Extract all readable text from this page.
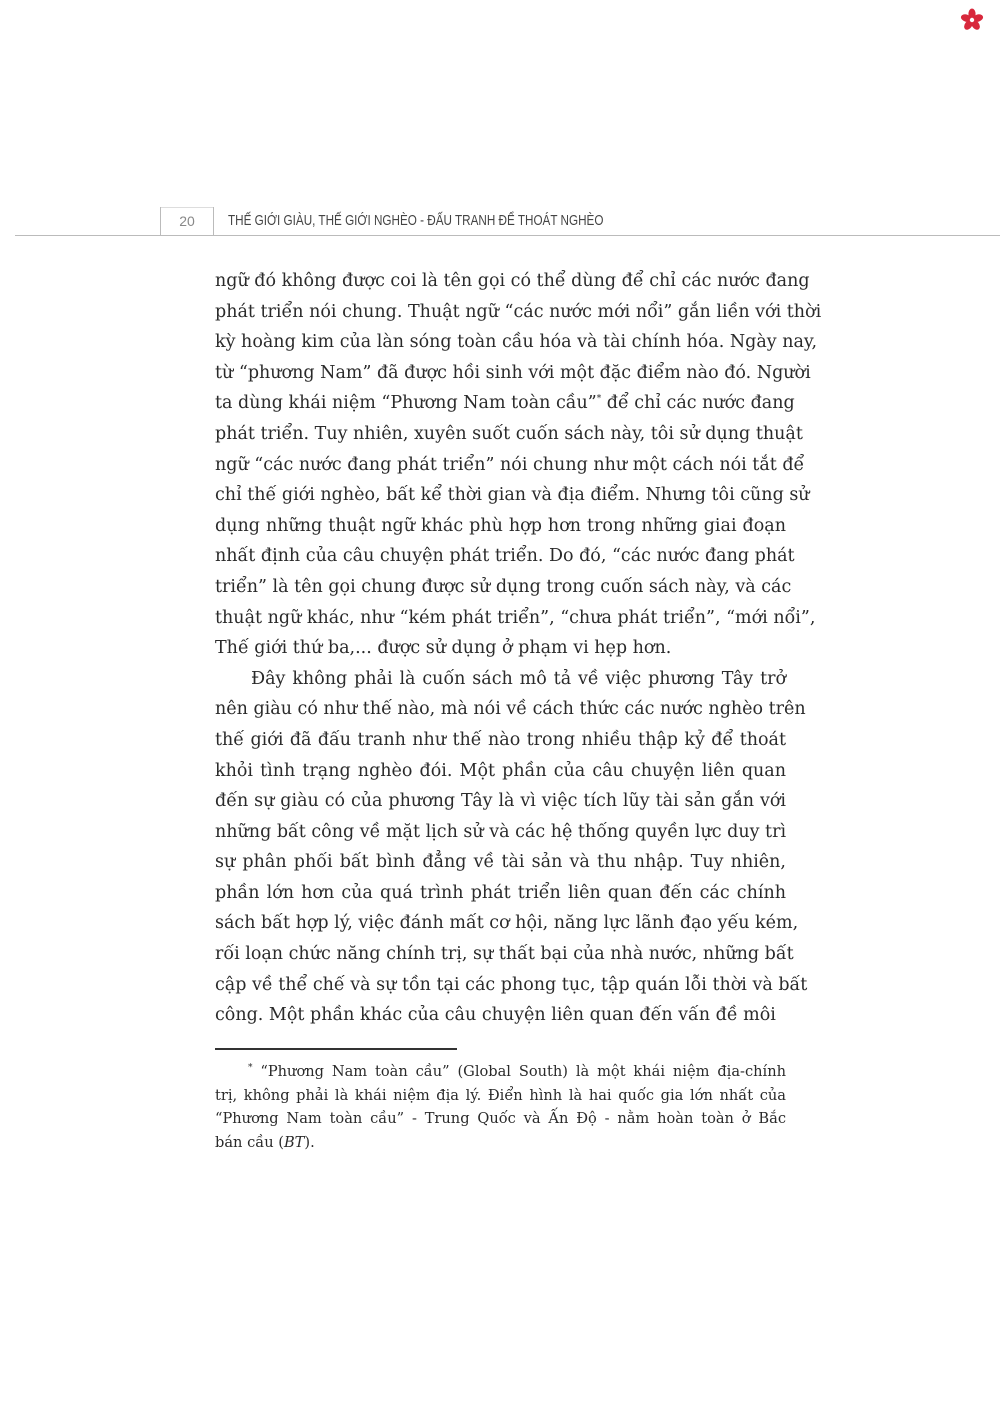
20	THẾ GIỚI GIÀU, THẾ GIỚI NGHÈO - ĐẤU TRANH ĐỂ THOÁT NGHÈO
ngữ đó không được coi là tên gọi có thể dùng để chỉ các nước đang
phát triển nói chung. Thuật ngữ “các nước mới nổi” gắn liền với thời
kỳ hoàng kim của làn sóng toàn cầu hóa và tài chính hóa. Ngày nay,
từ “phương Nam” đã được hồi sinh với một đặc điểm nào đó. Người
ta dùng khái niệm “Phương Nam toàn cầu”* để chỉ các nước đang
phát triển. Tuy nhiên, xuyên suốt cuốn sách này, tôi sử dụng thuật
ngữ “các nước đang phát triển” nói chung như một cách nói tắt để
chỉ thế giới nghèo, bất kể thời gian và địa điểm. Nhưng tôi cũng sử
dụng những thuật ngữ khác phù hợp hơn trong những giai đoạn
nhất định của câu chuyện phát triển. Do đó, “các nước đang phát
triển” là tên gọi chung được sử dụng trong cuốn sách này, và các
thuật ngữ khác, như “kém phát triển”, “chưa phát triển”, “mới nổi”,
Thế giới thứ ba,... được sử dụng ở phạm vi hẹp hơn.
Đây không phải là cuốn sách mô tả về việc phương Tây trở
nên giàu có như thế nào, mà nói về cách thức các nước nghèo trên
thế giới đã đấu tranh như thế nào trong nhiều thập kỷ để thoát
khỏi tình trạng nghèo đói. Một phần của câu chuyện liên quan
đến sự giàu có của phương Tây là vì việc tích lũy tài sản gắn với
những bất công về mặt lịch sử và các hệ thống quyền lực duy trì
sự phân phối bất bình đẳng về tài sản và thu nhập. Tuy nhiên,
phần lớn hơn của quá trình phát triển liên quan đến các chính
sách bất hợp lý, việc đánh mất cơ hội, năng lực lãnh đạo yếu kém,
rối loạn chức năng chính trị, sự thất bại của nhà nước, những bất
cập về thể chế và sự tồn tại các phong tục, tập quán lỗi thời và bất
công. Một phần khác của câu chuyện liên quan đến vấn đề môi
* “Phương Nam toàn cầu” (Global South) là một khái niệm địa-chính
trị, không phải là khái niệm địa lý. Điển hình là hai quốc gia lớn nhất của
“Phương Nam toàn cầu” - Trung Quốc và Ấn Độ - nằm hoàn toàn ở Bắc
bán cầu (BT).
